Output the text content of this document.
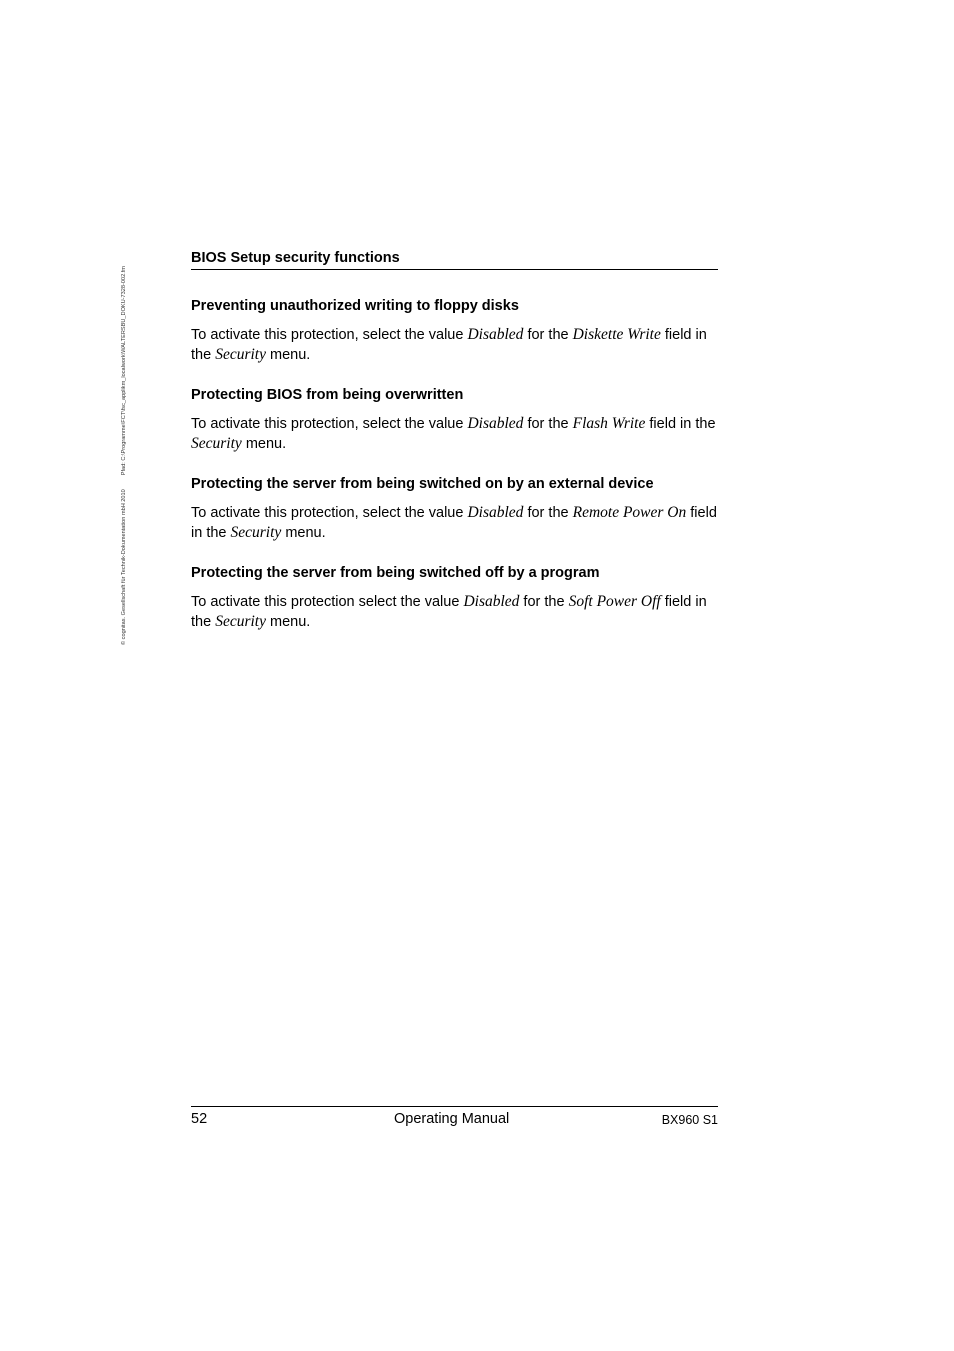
© cognitas. Gesellschaft für Technik-Dokumentation mbH 2010Pfad: C:\Programme\FCT\fsc_applikm_localwork\WALTERSBU_DOKU-7328-002.fm
BIOS Setup security functions
Preventing unauthorized writing to floppy disks

To activate this protection, select the value Disabled for the Diskette Write field in the Security menu.

Protecting BIOS from being overwritten

To activate this protection, select the value Disabled for the Flash Write field in the Security menu.

Protecting the server from being switched on by an external device

To activate this protection, select the value Disabled for the Remote Power On field in the Security menu.

Protecting the server from being switched off by a program

To activate this protection select the value Disabled for the Soft Power Off field in the Security menu.

52	Operating Manual	BX960 S1
